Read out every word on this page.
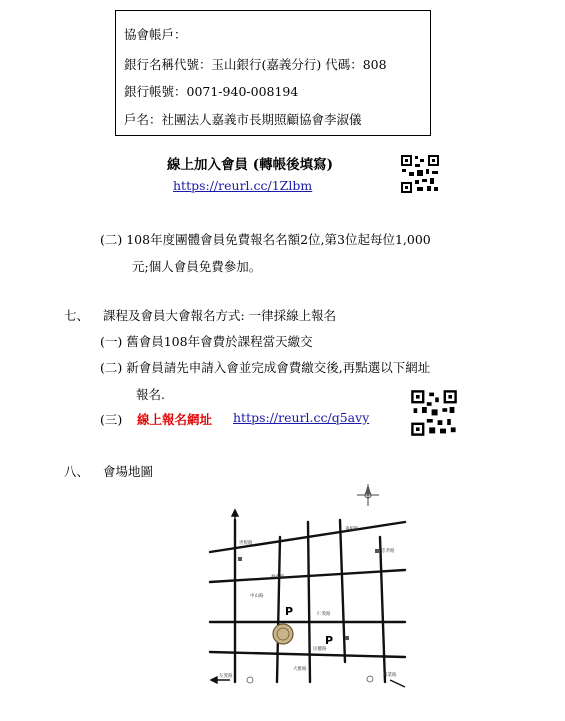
協會帳戶：
銀行名稱代號：玉山銀行(嘉義分行) 代碼：808
銀行帳號：0071-940-008194
戶名：社團法人嘉義市長期照顧協會李淑儀
線上加入會員 (轉帳後填寫)
https://reurl.cc/1Zlbm
(二) 108年度團體會員免費報名名額2位,第3位起每位1,000
元;個人會員免費參加。
七、 課程及會員大會報名方式: 一律採線上報名
(一) 舊會員108年會費於課程當天繳交
(二) 新會員請先申請入會並完成會費繳交後,再點選以下網址
報名.
(三) 線上報名網址 https://reurl.cc/q5avy
八、 會場地圖
世賢路
垂楊路
林森路
仁愛路
中山路
民權路
大雅路
友愛路
忠孝路
興業路
P
P
